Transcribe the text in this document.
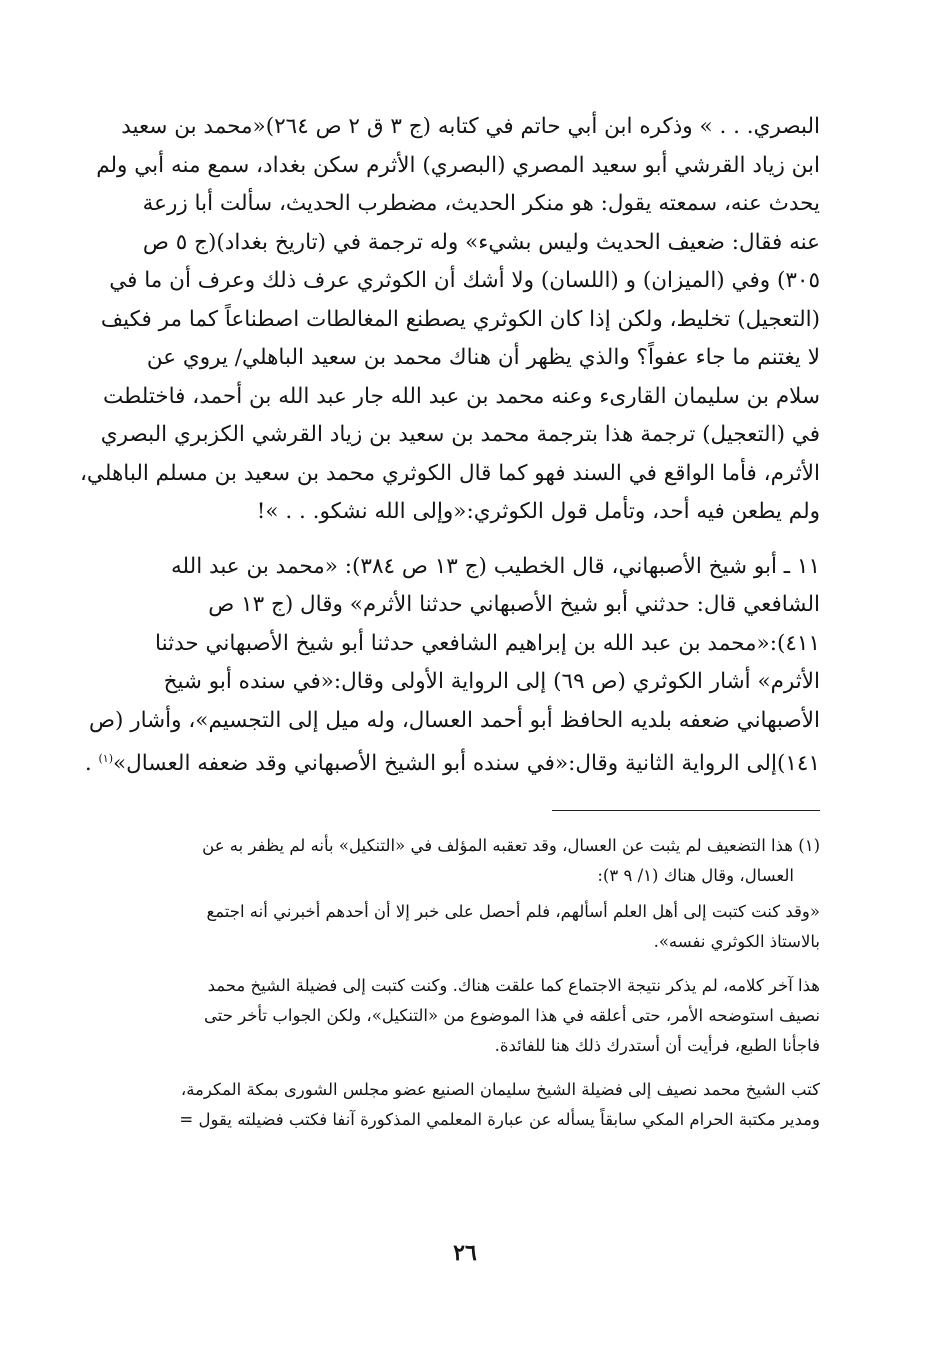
البصري. . . » وذكره ابن أبي حاتم في كتابه (ج ٣ ق ٢ ص ٢٦٤)«محمد بن سعيد
ابن زياد القرشي أبو سعيد المصري (البصري) الأثرم سكن بغداد، سمع منه أبي ولم
يحدث عنه، سمعته يقول: هو منكر الحديث، مضطرب الحديث، سألت أبا زرعة
عنه فقال: ضعيف الحديث وليس بشيء» وله ترجمة في (تاريخ بغداد)(ج ٥ ص
٣٠٥) وفي (الميزان) و (اللسان) ولا أشك أن الكوثري عرف ذلك وعرف أن ما في
(التعجيل) تخليط، ولكن إذا كان الكوثري يصطنع المغالطات اصطناعاً كما مر فكيف
لا يغتنم ما جاء عفواً؟ والذي يظهر أن هناك محمد بن سعيد الباهلي/ يروي عن
سلام بن سليمان القارىء وعنه محمد بن عبد الله جار عبد الله بن أحمد، فاختلطت
في (التعجيل) ترجمة هذا بترجمة محمد بن سعيد بن زياد القرشي الكزبري البصري
الأثرم، فأما الواقع في السند فهو كما قال الكوثري محمد بن سعيد بن مسلم الباهلي،
ولم يطعن فيه أحد، وتأمل قول الكوثري:«وإلى الله نشكو. . . »!

١١ ـ أبو شيخ الأصبهاني، قال الخطيب (ج ١٣ ص ٣٨٤): «محمد بن عبد الله
الشافعي قال: حدثني أبو شيخ الأصبهاني حدثنا الأثرم» وقال (ج ١٣ ص
٤١١):«محمد بن عبد الله بن إبراهيم الشافعي حدثنا أبو شيخ الأصبهاني حدثنا
الأثرم» أشار الكوثري (ص ٦٩) إلى الرواية الأولى وقال:«في سنده أبو شيخ
الأصبهاني ضعفه بلديه الحافظ أبو أحمد العسال، وله ميل إلى التجسيم»، وأشار (ص
١٤١)إلى الرواية الثانية وقال:«في سنده أبو الشيخ الأصبهاني وقد ضعفه العسال»$^{(١)}$ .

(١) هذا التضعيف لم يثبت عن العسال، وقد تعقبه المؤلف في «التنكيل» بأنه لم يظفر به عن
العسال، وقال هناك (١/ ٩ ٣):
«وقد كنت كتبت إلى أهل العلم أسألهم، فلم أحصل على خبر إلا أن أحدهم أخبرني أنه اجتمع
بالاستاذ الكوثري نفسه».
هذا آخر كلامه، لم يذكر نتيجة الاجتماع كما علقت هناك. وكنت كتبت إلى فضيلة الشيخ محمد
نصيف استوضحه الأمر، حتى أعلقه في هذا الموضوع من «التنكيل»، ولكن الجواب تأخر حتى
فاجأنا الطبع، فرأيت أن أستدرك ذلك هنا للفائدة.
كتب الشيخ محمد نصيف إلى فضيلة الشيخ سليمان الصنيع عضو مجلس الشورى بمكة المكرمة،
ومدير مكتبة الحرام المكي سابقاً يسأله عن عبارة المعلمي المذكورة آنفا فكتب فضيلته يقول =
٢٦
